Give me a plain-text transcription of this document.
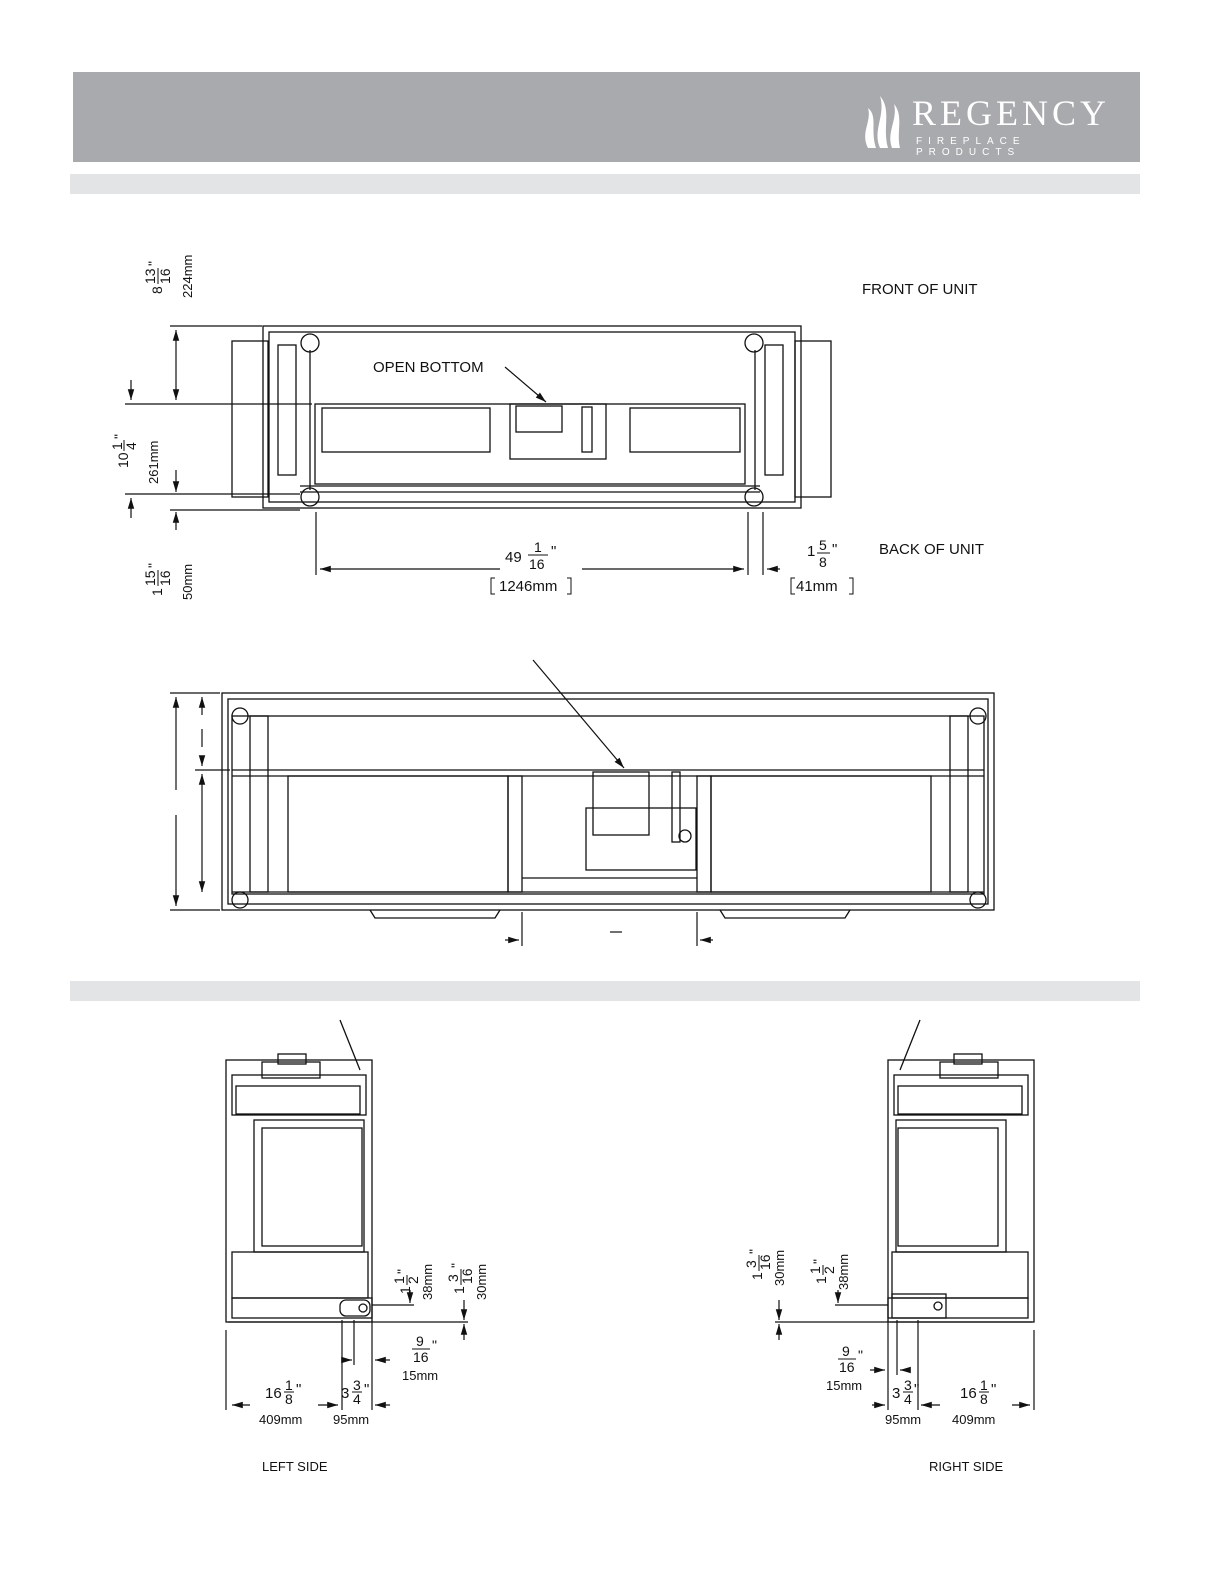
REGENCY
FIREPLACE PRODUCTS
8
13 16
" 224mm
10
1
4
"
261mm
1
15 16
" 50mm
49
1
16
"
1246mm
1 5
8
"
41mm
FRONT OF UNIT
BACK OF UNIT
OPEN BOTTOM
1
1
2
" 38mm 1
3
16
" 30mm
9
16
"
15mm
16 1
8
"
409mm
3 3
4
"
95mm
LEFT SIDE
1
3
16
" 30mm 1
1
2
" 38mm
9
16
"
15mm 3 3
4
"
95mm
16 1
8
"
409mm
RIGHT SIDE
